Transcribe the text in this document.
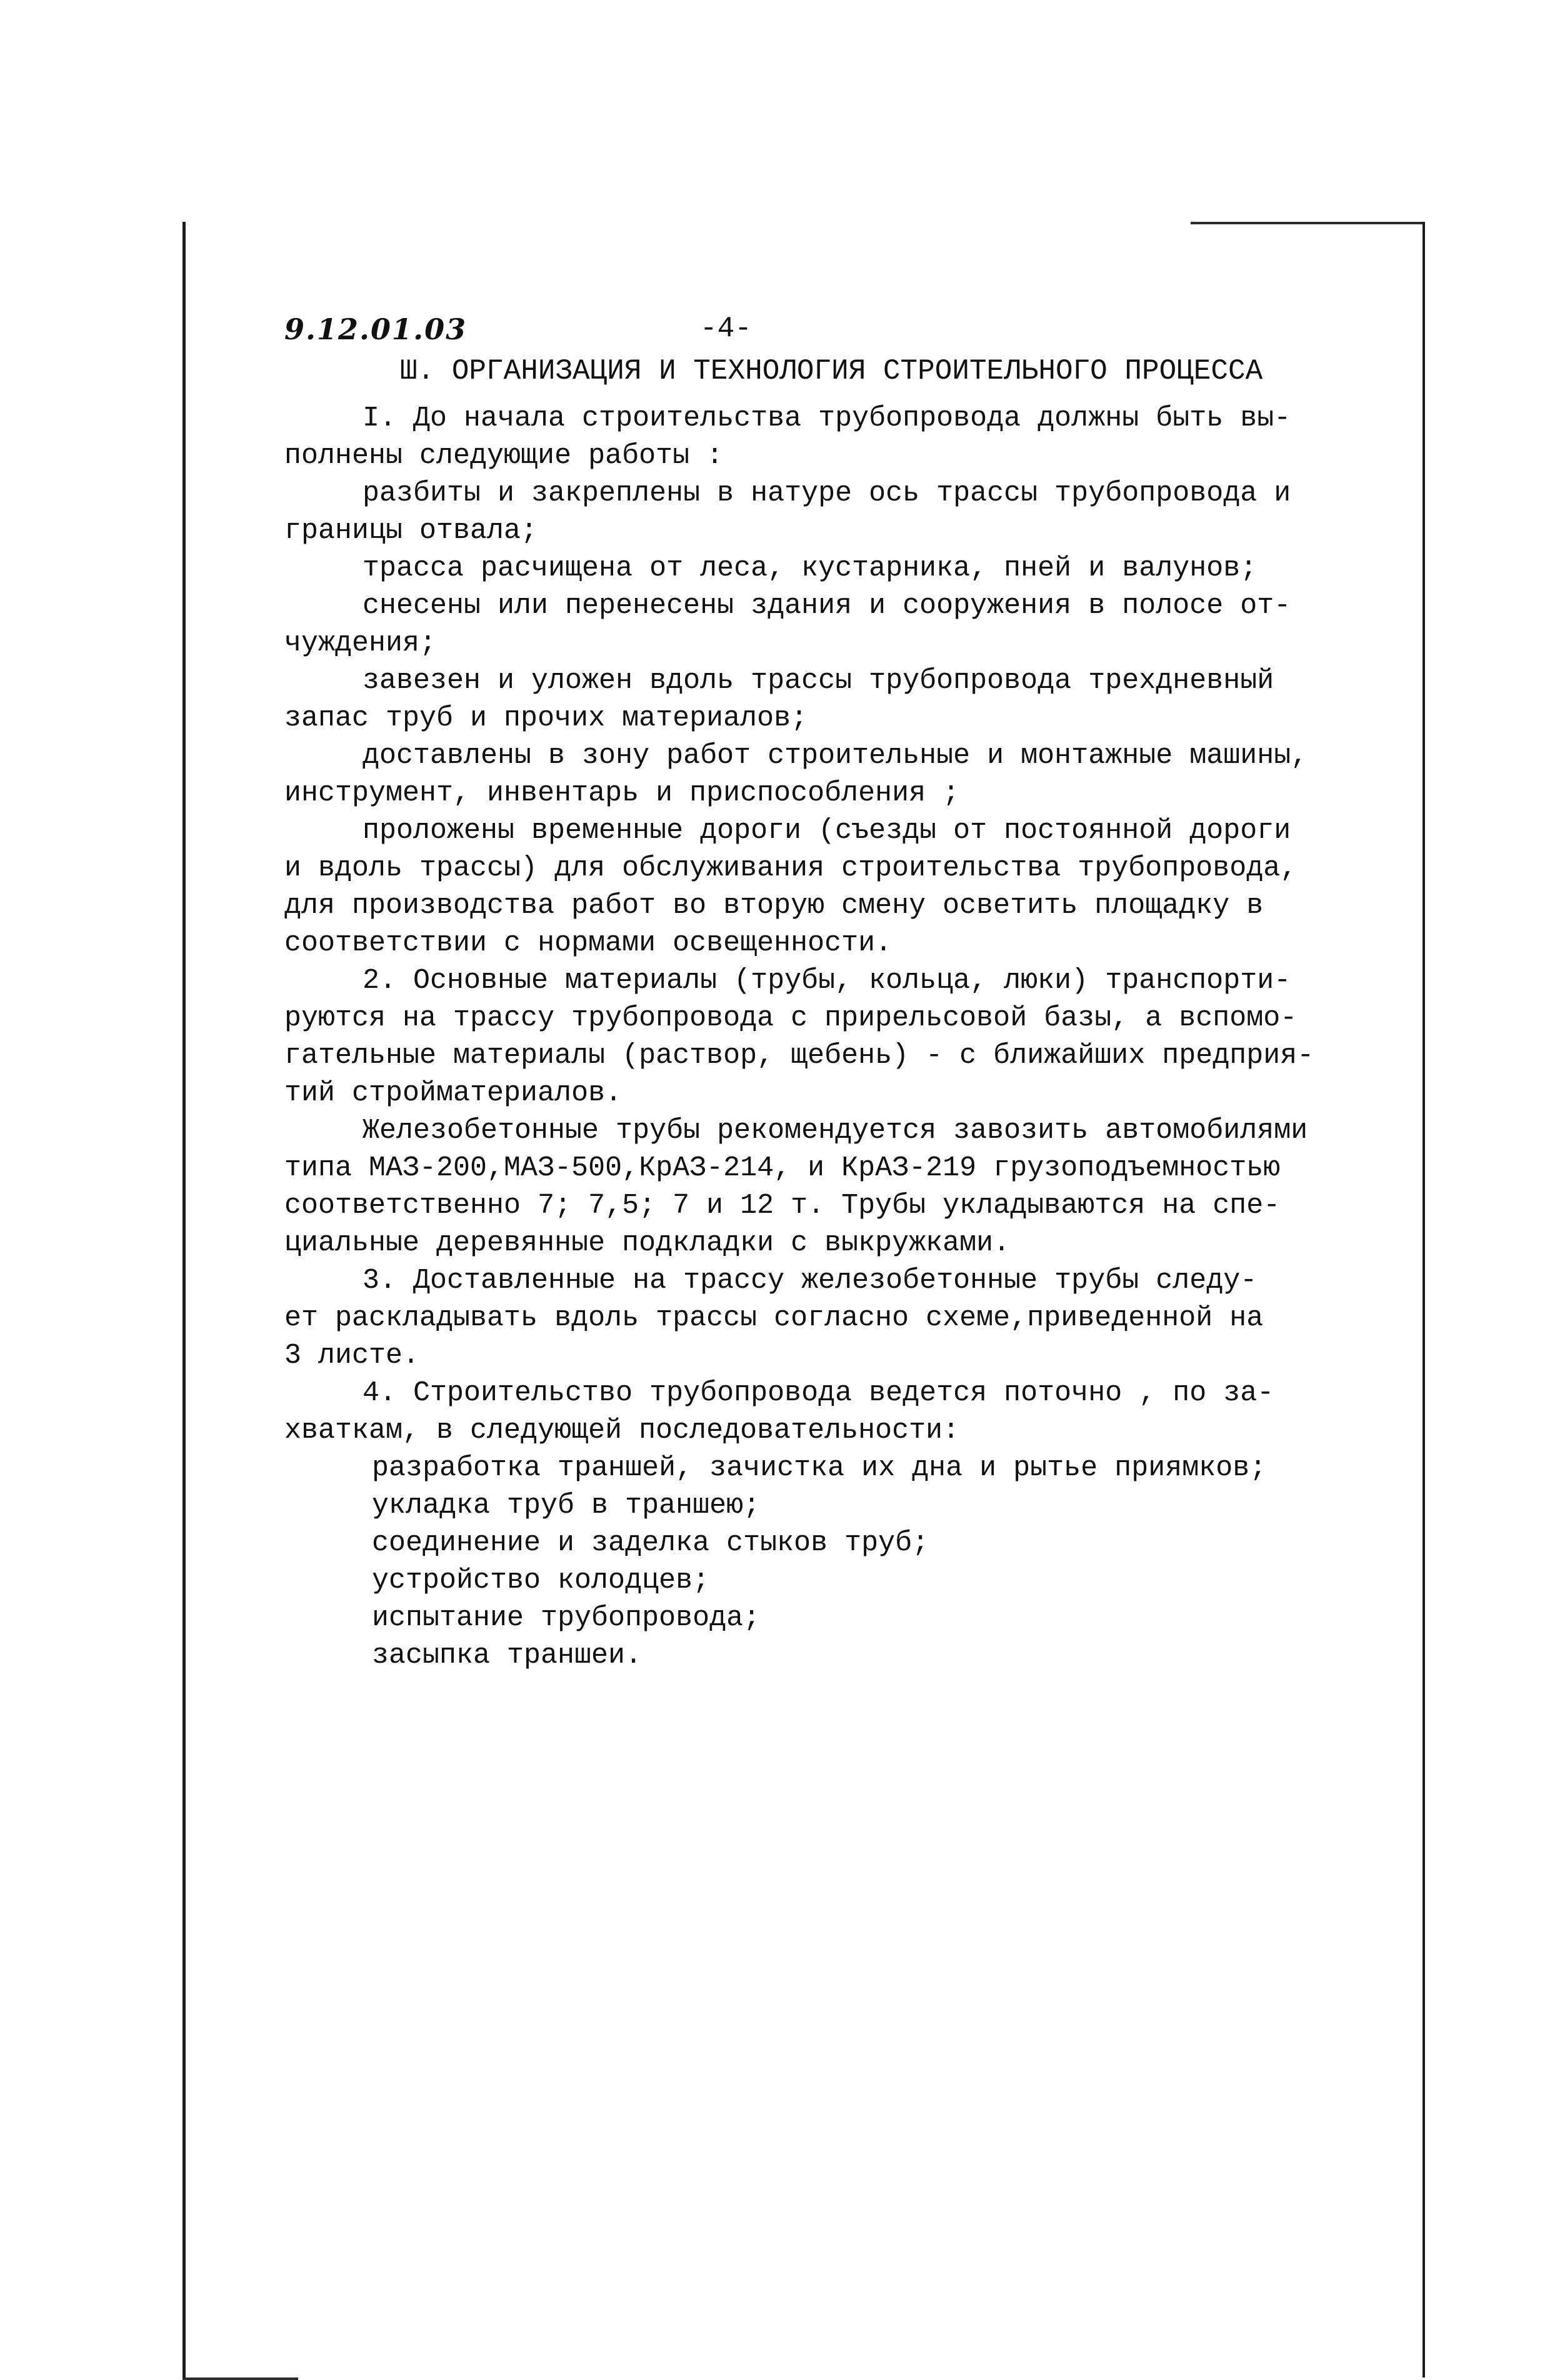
9.12.01.03	-4-
Ш. ОРГАНИЗАЦИЯ И ТЕХНОЛОГИЯ СТРОИТЕЛЬНОГО ПРОЦЕССА
I. До начала строительства трубопровода должны быть вы-
полнены следующие работы :
разбиты и закреплены в натуре ось трассы трубопровода и
границы отвала;
трасса расчищена от леса, кустарника, пней и валунов;
снесены или перенесены здания и сооружения в полосе от-
чуждения;
завезен и уложен вдоль трассы трубопровода трехдневный
запас труб и прочих материалов;
доставлены в зону работ строительные и монтажные машины,
инструмент, инвентарь и приспособления ;
проложены временные дороги (съезды от постоянной дороги
и вдоль трассы) для обслуживания строительства трубопровода,
для производства работ во вторую смену осветить площадку в
соответствии с нормами освещенности.
2. Основные материалы (трубы, кольца, люки) транспорти-
руются на трассу трубопровода с прирельсовой базы, а вспомо-
гательные материалы (раствор, щебень) - с ближайших предприя-
тий стройматериалов.
Железобетонные трубы рекомендуется завозить автомобилями
типа МАЗ-200,МАЗ-500,КрАЗ-214, и КрАЗ-219 грузоподъемностью
соответственно 7; 7,5; 7 и 12 т. Трубы укладываются на спе-
циальные деревянные подкладки с выкружками.
3. Доставленные на трассу железобетонные трубы следу-
ет раскладывать вдоль трассы согласно схеме,приведенной на
3 листе.
4. Строительство трубопровода ведется поточно , по за-
хваткам, в следующей последовательности:
разработка траншей, зачистка их дна и рытье приямков;
укладка труб в траншею;
соединение и заделка стыков труб;
устройство колодцев;
испытание трубопровода;
засыпка траншеи.
